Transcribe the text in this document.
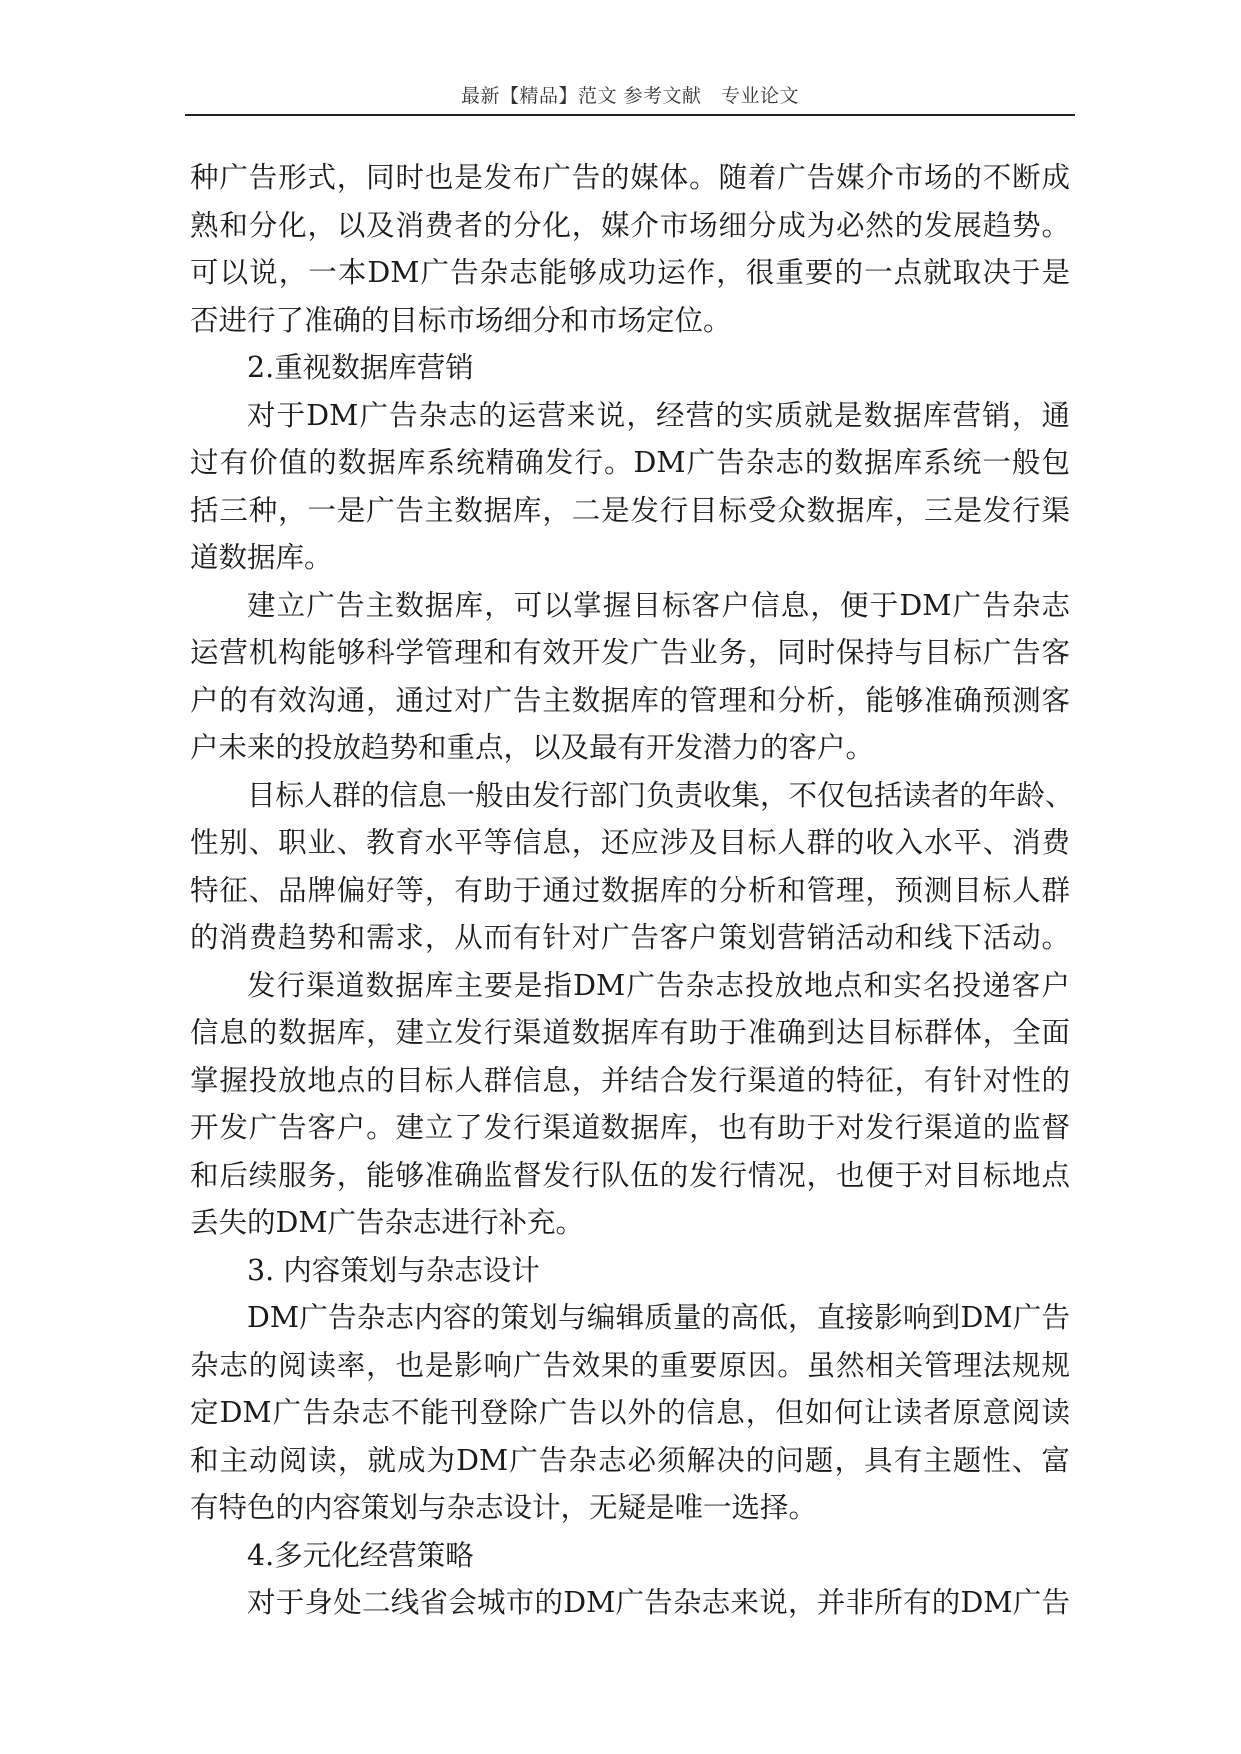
最新【精品】范文 参考文献　专业论文
种广告形式，同时也是发布广告的媒体。随着广告媒介市场的不断成
熟和分化，以及消费者的分化，媒介市场细分成为必然的发展趋势。
可以说，一本DM广告杂志能够成功运作，很重要的一点就取决于是
否进行了准确的目标市场细分和市场定位。
2.重视数据库营销
对于DM广告杂志的运营来说，经营的实质就是数据库营销，通
过有价值的数据库系统精确发行。DM广告杂志的数据库系统一般包
括三种，一是广告主数据库，二是发行目标受众数据库，三是发行渠
道数据库。
建立广告主数据库，可以掌握目标客户信息，便于DM广告杂志
运营机构能够科学管理和有效开发广告业务，同时保持与目标广告客
户的有效沟通，通过对广告主数据库的管理和分析，能够准确预测客
户未来的投放趋势和重点，以及最有开发潜力的客户。
目标人群的信息一般由发行部门负责收集，不仅包括读者的年龄、
性别、职业、教育水平等信息，还应涉及目标人群的收入水平、消费
特征、品牌偏好等，有助于通过数据库的分析和管理，预测目标人群
的消费趋势和需求，从而有针对广告客户策划营销活动和线下活动。
发行渠道数据库主要是指DM广告杂志投放地点和实名投递客户
信息的数据库，建立发行渠道数据库有助于准确到达目标群体，全面
掌握投放地点的目标人群信息，并结合发行渠道的特征，有针对性的
开发广告客户。建立了发行渠道数据库，也有助于对发行渠道的监督
和后续服务，能够准确监督发行队伍的发行情况，也便于对目标地点
丢失的DM广告杂志进行补充。
3. 内容策划与杂志设计
DM广告杂志内容的策划与编辑质量的高低，直接影响到DM广告
杂志的阅读率，也是影响广告效果的重要原因。虽然相关管理法规规
定DM广告杂志不能刊登除广告以外的信息，但如何让读者原意阅读
和主动阅读，就成为DM广告杂志必须解决的问题，具有主题性、富
有特色的内容策划与杂志设计，无疑是唯一选择。
4.多元化经营策略
对于身处二线省会城市的DM广告杂志来说，并非所有的DM广告
